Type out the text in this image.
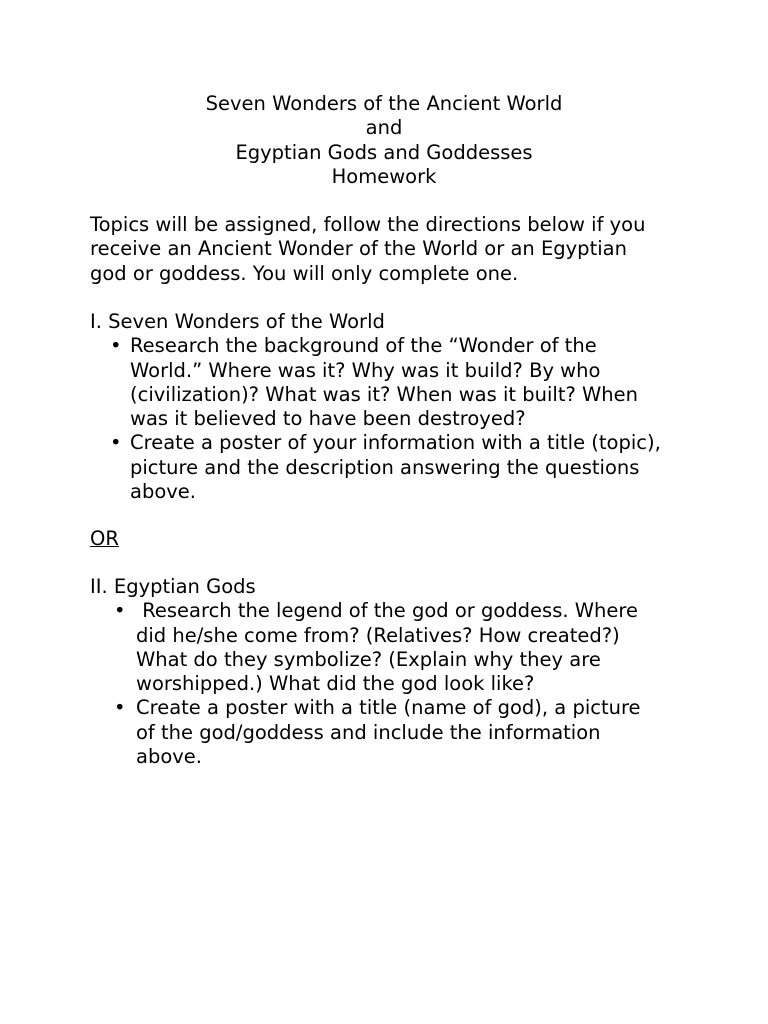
Seven Wonders of the Ancient World
and
Egyptian Gods and Goddesses
Homework
Topics will be assigned, follow the directions below if you
receive an Ancient Wonder of the World or an Egyptian
god or goddess. You will only complete one.
I. Seven Wonders of the World
• Research the background of the “Wonder of the
World.” Where was it? Why was it build? By who
(civilization)? What was it? When was it built? When
was it believed to have been destroyed?
• Create a poster of your information with a title (topic),
picture and the description answering the questions
above.
OR
II. Egyptian Gods
• Research the legend of the god or goddess. Where
did he/she come from? (Relatives? How created?)
What do they symbolize? (Explain why they are
worshipped.) What did the god look like?
• Create a poster with a title (name of god), a picture
of the god/goddess and include the information
above.
